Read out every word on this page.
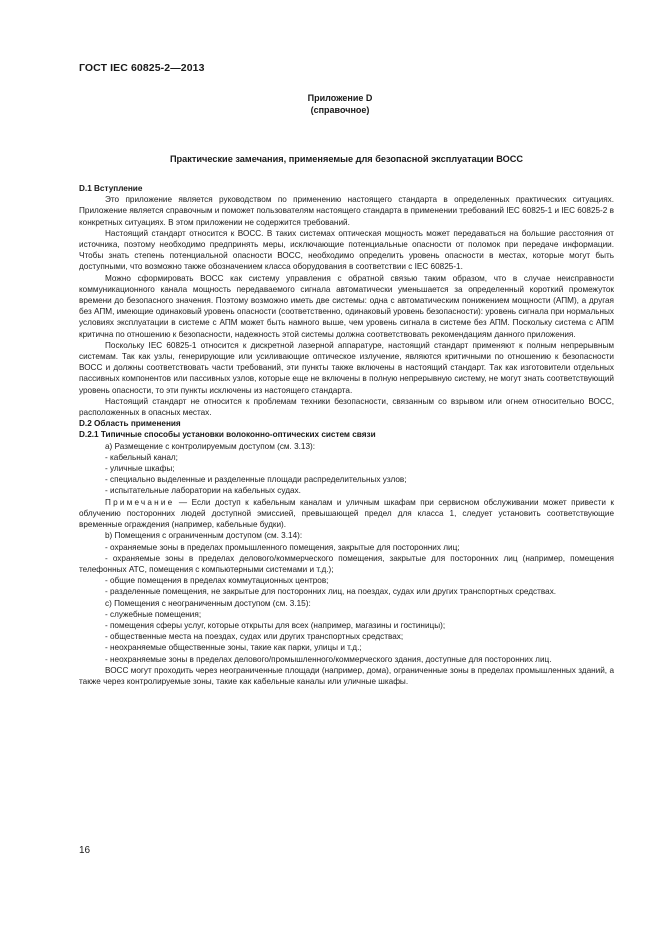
ГОСТ IEC 60825-2—2013
Приложение D
(справочное)
Практические замечания, применяемые для безопасной эксплуатации ВОСС

D.1 Вступление

Это приложение является руководством по применению настоящего стандарта в определенных практических ситуациях. Приложение является справочным и поможет пользователям настоящего стандарта в применении требований IEC 60825-1 и IEC 60825-2 в конкретных ситуациях. В этом приложении не содержится требований.

Настоящий стандарт относится к ВОСС. В таких системах оптическая мощность может передаваться на большие расстояния от источника, поэтому необходимо предпринять меры, исключающие потенциальные опасности от поломок при передаче информации. Чтобы знать степень потенциальной опасности ВОСС, необходимо определить уровень опасности в местах, которые могут быть доступными, что возможно также обозначением класса оборудования в соответствии с IEC 60825-1.

Можно сформировать ВОСС как систему управления с обратной связью таким образом, что в случае неисправности коммуникационного канала мощность передаваемого сигнала автоматически уменьшается за определенный короткий промежуток времени до безопасного значения. Поэтому возможно иметь две системы: одна с автоматическим понижением мощности (АПМ), а другая без АПМ, имеющие одинаковый уровень опасности (соответственно, одинаковый уровень безопасности): уровень сигнала при нормальных условиях эксплуатации в системе с АПМ может быть намного выше, чем уровень сигнала в системе без АПМ. Поскольку система с АПМ критична по отношению к безопасности, надежность этой системы должна соответствовать рекомендациям данного приложения.

Поскольку IEC 60825-1 относится к дискретной лазерной аппаратуре, настоящий стандарт применяют к полным непрерывным системам. Так как узлы, генерирующие или усиливающие оптическое излучение, являются критичными по отношению к безопасности ВОСС и должны соответствовать части требований, эти пункты также включены в настоящий стандарт. Так как изготовители отдельных пассивных компонентов или пассивных узлов, которые еще не включены в полную непрерывную систему, не могут знать соответствующий уровень опасности, то эти пункты исключены из настоящего стандарта.

Настоящий стандарт не относится к проблемам техники безопасности, связанным со взрывом или огнем относительно ВОСС, расположенных в опасных местах.

D.2 Область применения

D.2.1 Типичные способы установки волоконно-оптических систем связи

а) Размещение с контролируемым доступом (см. 3.13):

- кабельный канал;

- уличные шкафы;

- специально выделенные и разделенные площади распределительных узлов;

- испытательные лаборатории на кабельных судах.

Примечание — Если доступ к кабельным каналам и уличным шкафам при сервисном обслуживании может привести к облучению посторонних людей доступной эмиссией, превышающей предел для класса 1, следует установить соответствующие временные ограждения (например, кабельные будки).

b) Помещения с ограниченным доступом (см. 3.14):

- охраняемые зоны в пределах промышленного помещения, закрытые для посторонних лиц;

- охраняемые зоны в пределах делового/коммерческого помещения, закрытые для посторонних лиц (например, помещения телефонных АТС, помещения с компьютерными системами и т.д.);

- общие помещения в пределах коммутационных центров;

- разделенные помещения, не закрытые для посторонних лиц, на поездах, судах или других транспортных средствах.

с) Помещения с неограниченным доступом (см. 3.15):

- служебные помещения;

- помещения сферы услуг, которые открыты для всех (например, магазины и гостиницы);

- общественные места на поездах, судах или других транспортных средствах;

- неохраняемые общественные зоны, такие как парки, улицы и т.д.;

- неохраняемые зоны в пределах делового/промышленного/коммерческого здания, доступные для посторонних лиц.

ВОСС могут проходить через неограниченные площади (например, дома), ограниченные зоны в пределах промышленных зданий, а также через контролируемые зоны, такие как кабельные каналы или уличные шкафы.

16
